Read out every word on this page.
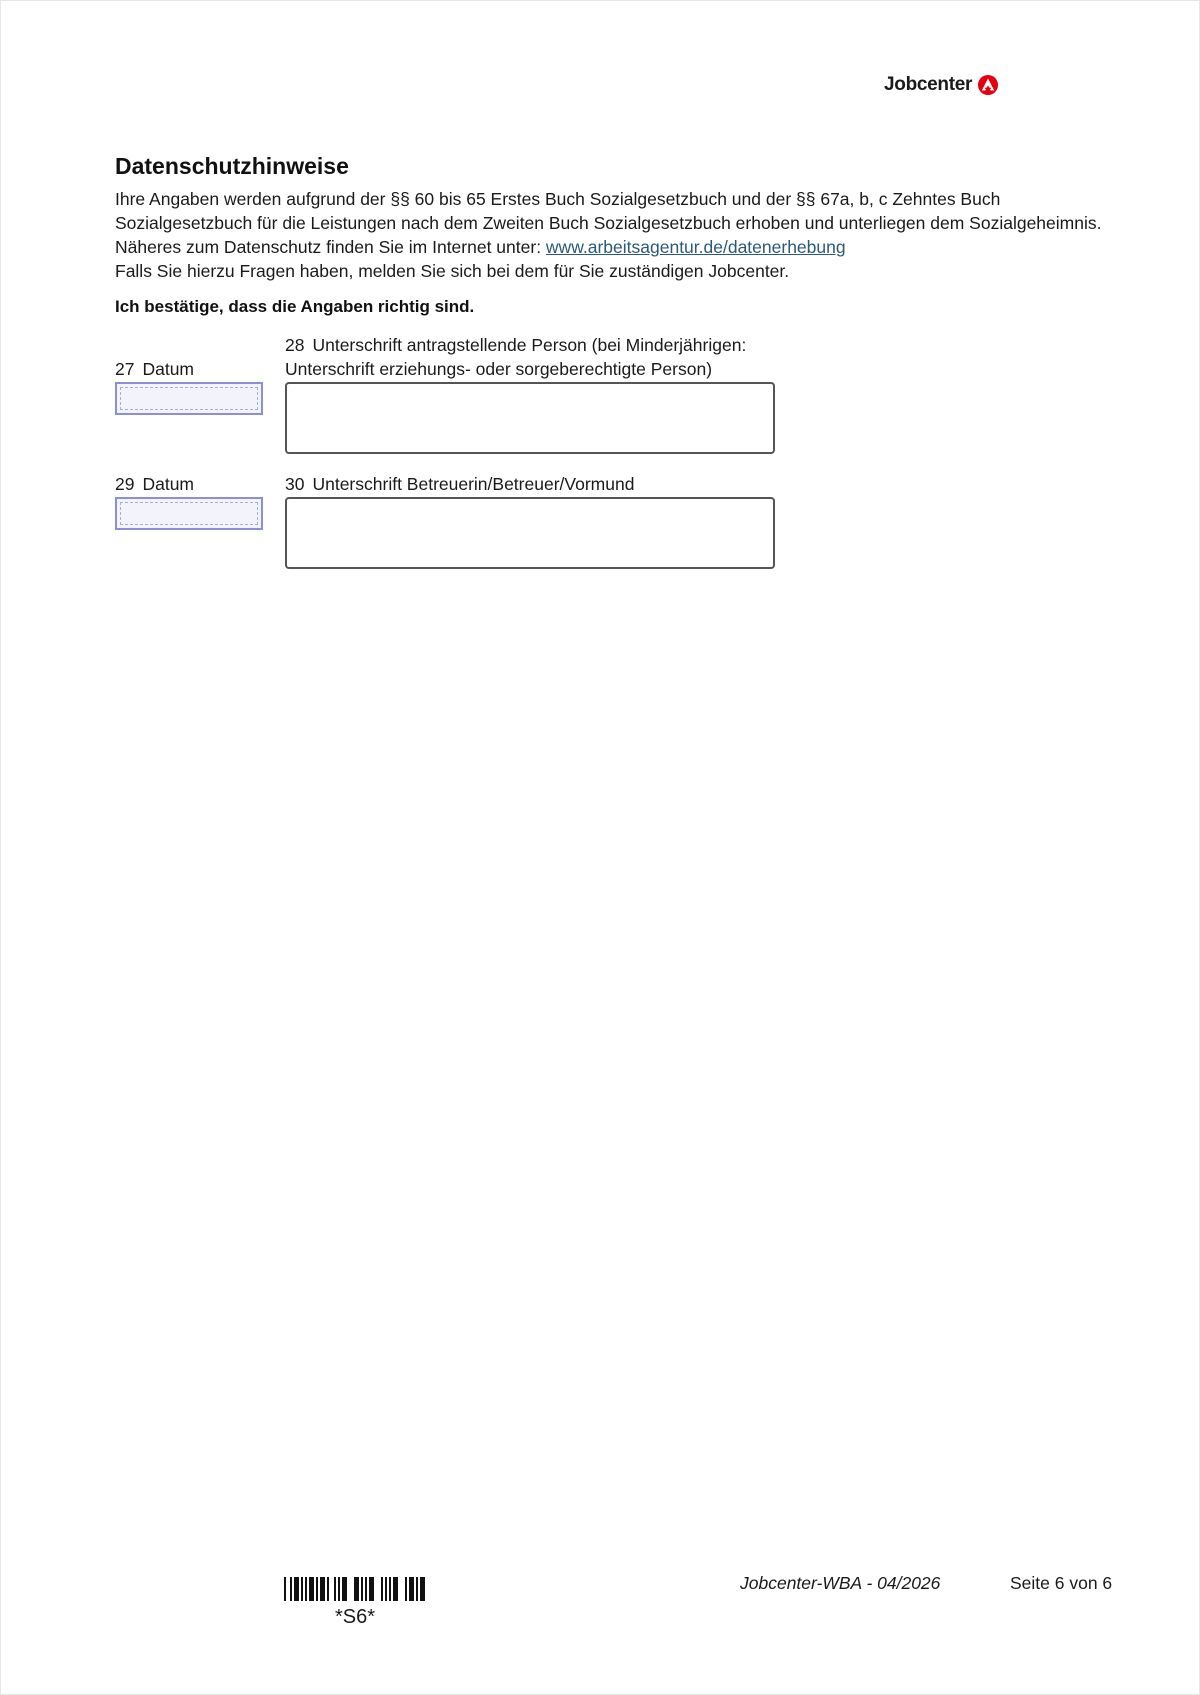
Jobcenter
Datenschutzhinweise

Ihre Angaben werden aufgrund der §§ 60 bis 65 Erstes Buch Sozialgesetzbuch und der §§ 67a, b, c Zehntes Buch Sozialgesetzbuch für die Leistungen nach dem Zweiten Buch Sozialgesetzbuch erhoben und unterliegen dem Sozialgeheimnis.

Näheres zum Datenschutz finden Sie im Internet unter: www.arbeitsagentur.de/datenerhebung

Falls Sie hierzu Fragen haben, melden Sie sich bei dem für Sie zuständigen Jobcenter.

Ich bestätige, dass die Angaben richtig sind.
27 Datum
28 Unterschrift antragstellende Person (bei Minderjährigen:
Unterschrift erziehungs- oder sorgeberechtigte Person)
29 Datum	30 Unterschrift Betreuerin/Betreuer/Vormund
*S6*
Jobcenter-WBA - 04/2026	Seite 6 von 6
